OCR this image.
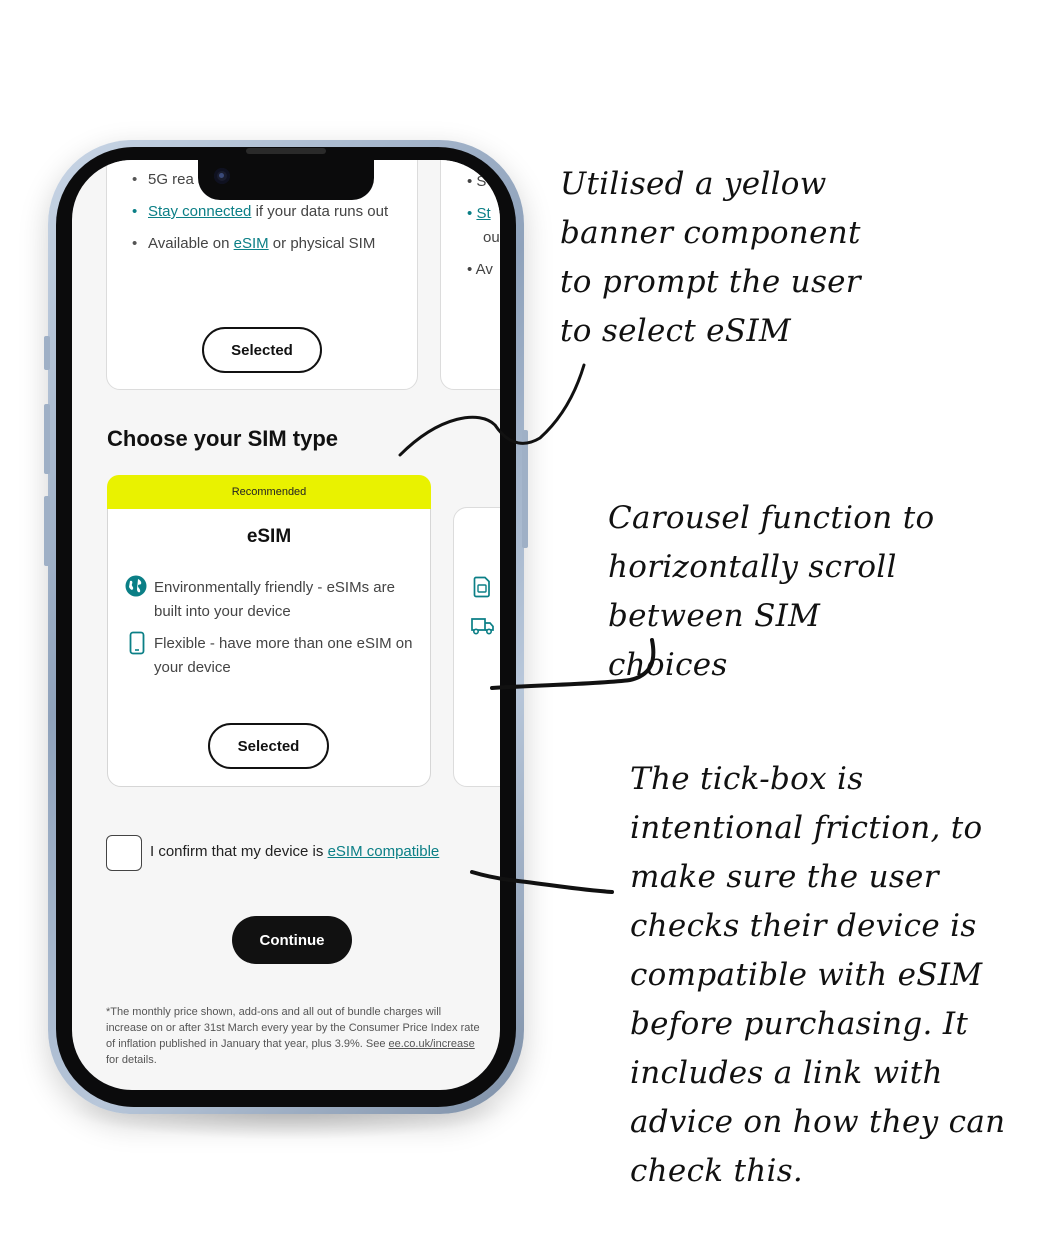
• 5G rea
• Stay connected if your data runs out
• Available on eSIM or physical SIM
Selected
• S
• St
ou
• Av
Choose your SIM type
Recommended
eSIM
Environmentally friendly - eSIMs are built into your device
Flexible - have more than one eSIM on your device
Selected
I confirm that my device is eSIM compatible
Continue
*The monthly price shown, add-ons and all out of bundle charges will increase on or after 31st March every year by the Consumer Price Index rate of inflation published in January that year, plus 3.9%. See ee.co.uk/increase for details.
Utilised a yellow banner component to prompt the user to select eSIM
Carousel function to horizontally scroll between SIM choices
The tick-box is intentional friction, to make sure the user checks their device is compatible with eSIM before purchasing. It includes a link with advice on how they can check this.
